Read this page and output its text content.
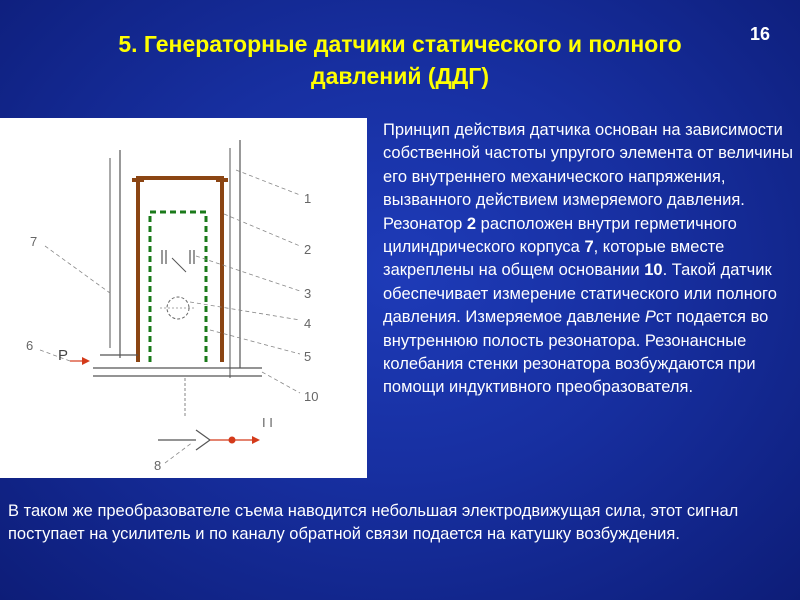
16
5. Генераторные датчики статического и полного
давлений (ДДГ)
1
2
3
4
5
10
7
6
P
8
I I
Принцип действия датчика основан на зависимости собственной частоты упругого элемента от величины его внутреннего механического напряжения, вызванного действием измеряемого давления. Резонатор 2 расположен внутри герметичного цилиндрического корпуса 7, которые вместе закреплены на общем основании 10. Такой датчик обеспечивает измерение статического или полного давления. Измеряемое давление Рст подается во внутреннюю полость резонатора. Резонансные колебания стенки резонатора возбуждаются при помощи индуктивного преобразователя.
В таком же преобразователе съема наводится небольшая электродвижущая сила, этот сигнал поступает на усилитель и по каналу обратной связи подается на катушку возбуждения.
